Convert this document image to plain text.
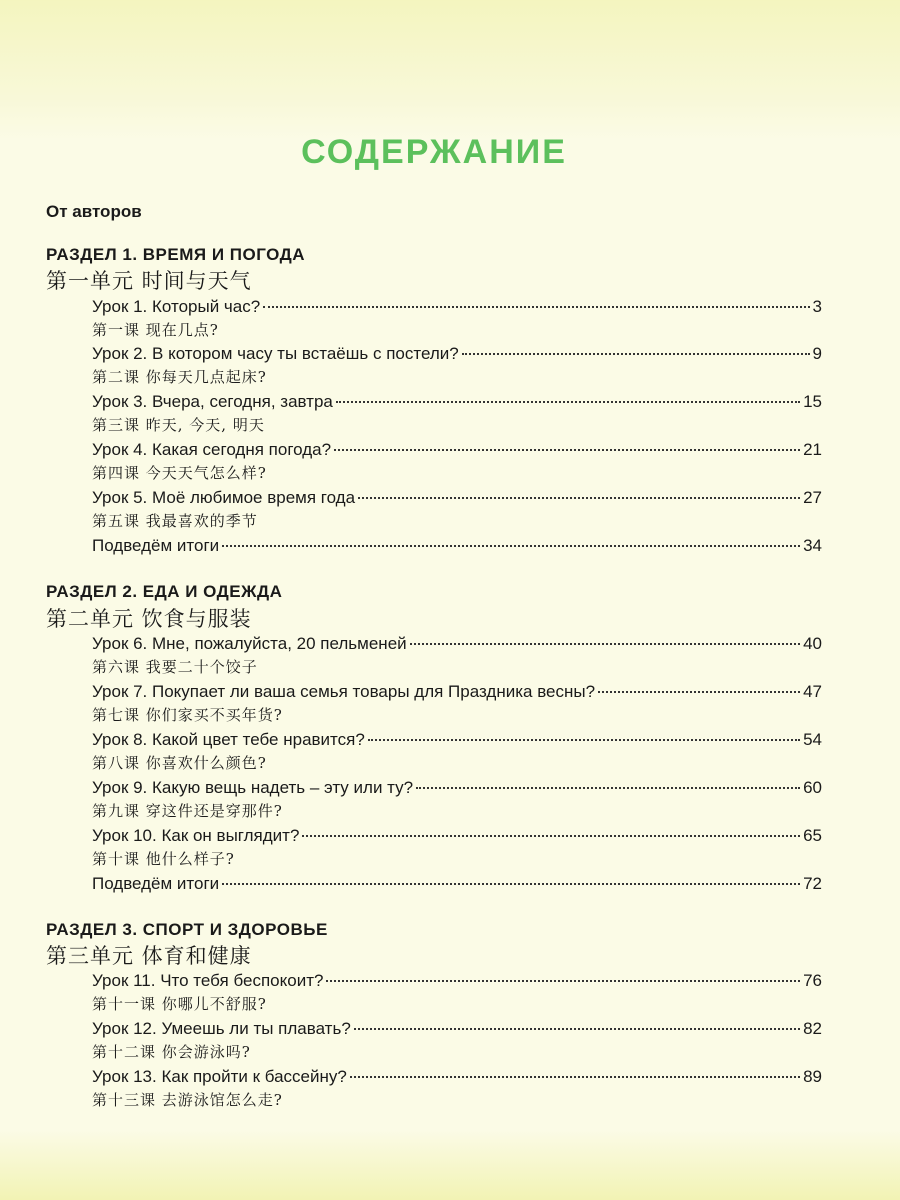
СОДЕРЖАНИЕ
От авторов
РАЗДЕЛ 1. ВРЕМЯ И ПОГОДА
第一单元 时间与天气
Урок 1. Который час?	3
第一课 现在几点?
Урок 2. В котором часу ты встаёшь с постели?	9
第二课 你每天几点起床?
Урок 3. Вчера, сегодня, завтра	15
第三课 昨天, 今天, 明天
Урок 4. Какая сегодня погода?	21
第四课 今天天气怎么样?
Урок 5. Моё любимое время года	27
第五课 我最喜欢的季节
Подведём итоги	34
РАЗДЕЛ 2. ЕДА И ОДЕЖДА
第二单元 饮食与服装
Урок 6. Мне, пожалуйста, 20 пельменей	40
第六课 我要二十个饺子
Урок 7. Покупает ли ваша семья товары для Праздника весны?	47
第七课 你们家买不买年货?
Урок 8. Какой цвет тебе нравится?	54
第八课 你喜欢什么颜色?
Урок 9. Какую вещь надеть – эту или ту?	60
第九课 穿这件还是穿那件?
Урок 10. Как он выглядит?	65
第十课 他什么样子?
Подведём итоги	72
РАЗДЕЛ 3. СПОРТ И ЗДОРОВЬЕ
第三单元 体育和健康
Урок 11. Что тебя беспокоит?	76
第十一课 你哪儿不舒服?
Урок 12. Умеешь ли ты плавать?	82
第十二课 你会游泳吗?
Урок 13. Как пройти к бассейну?	89
第十三课 去游泳馆怎么走?
